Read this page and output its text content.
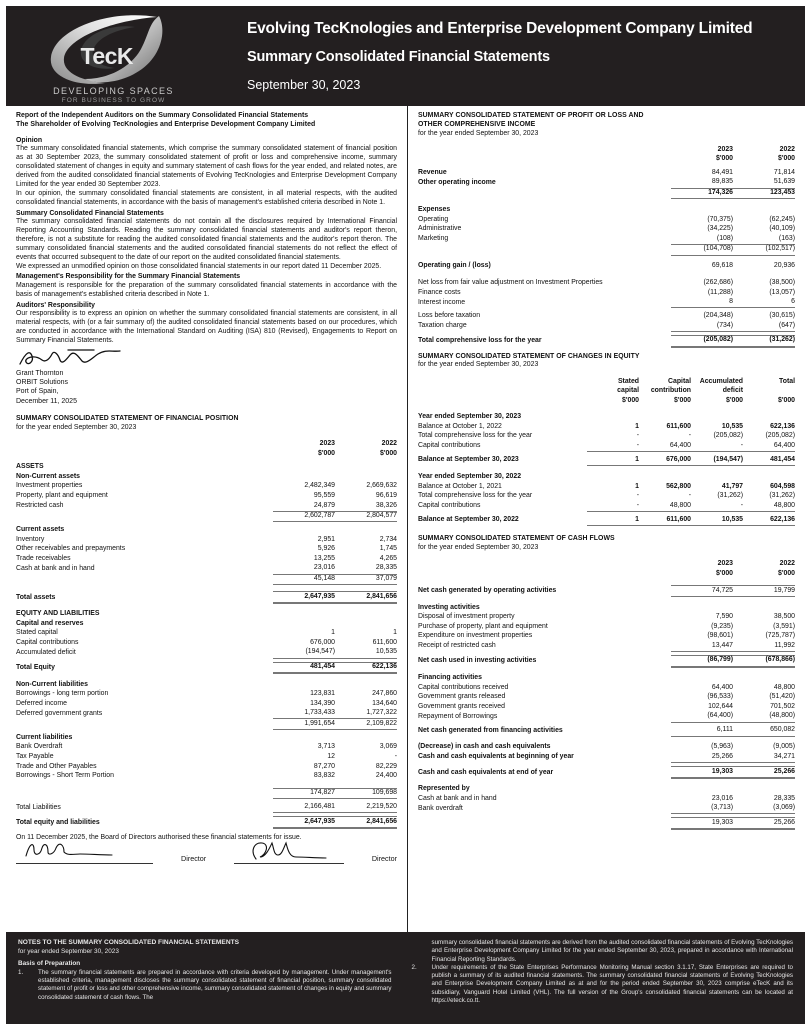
TecK
DEVELOPING SPACES
FOR BUSINESS TO GROW
Evolving TecKnologies and Enterprise Development Company Limited
Summary Consolidated Financial Statements
September 30, 2023
Report of the Independent Auditors on the Summary Consolidated Financial Statements
The Shareholder of Evolving TecKnologies and Enterprise Development Company Limited
Opinion
The summary consolidated financial statements, which comprise the summary consolidated statement of financial position as at 30 September 2023, the summary consolidated statement of profit or loss and comprehensive income, summary consolidated statement of changes in equity and summary statement of cash flows for the year ended, and related notes, are derived from the audited consolidated financial statements of Evolving TecKnologies and Enterprise Development Company Limited for the year ended 30 September 2023.
In our opinion, the summary consolidated financial statements are consistent, in all material respects, with the audited consolidated financial statements, in accordance with the basis of management's established criteria described in Note 1.
Summary Consolidated Financial Statements
The summary consolidated financial statements do not contain all the disclosures required by International Financial Reporting Accounting Standards. Reading the summary consolidated financial statements and auditor's report theron, therefore, is not a substitute for reading the audited consolidated financial statements and the auditor's report theron. The summary consolidated financial statements and the audited consolidated financial statements do not reflect the effect of events that occurred subsequent to the date of our report on the audited consolidated financial statements.
We expressed an unmodified opinion on those consolidated financial statements in our report dated 11 December 2025.
Management's Responsibility for the Summary Financial Statements
Management is responsible for the preparation of the summary consolidated financial statements in accordance with the basis of management's established criteria described in Note 1.
Auditors' Responsibility
Our responsibility is to express an opinion on whether the summary consolidated financial statements are consistent, in all material respects, with (or a fair summary of) the audited consolidated financial statements based on our procedures, which are conducted in accordance with the International Standard on Auditing (ISA) 810 (Revised), Engagements to Report on Summary Financial Statements.
Grant Thornton
ORBIT Solutions
Port of Spain,
December 11, 2025
SUMMARY CONSOLIDATED STATEMENT OF FINANCIAL POSITION
for the year ended September 30, 2023

	2023	2022
	$'000	$'000

ASSETS		
Non-Current assets		
Investment properties	2,482,349	2,669,632
Property, plant and equipment	95,559	96,619
Restricted cash	24,879	38,326
	2,602,787	2,804,577

Current assets		
Inventory	2,951	2,734
Other receivables and prepayments	5,926	1,745
Trade receivables	13,255	4,265
Cash at bank and in hand	23,016	28,335
	45,148	37,079

Total assets	2,647,935	2,841,656

EQUITY AND LIABILITIES		
Capital and reserves		
Stated capital	1	1
Capital contributions	676,000	611,600
Accumulated deficit	(194,547)	10,535

Total Equity	481,454	622,136

Non-Current liabilities		
Borrowings - long term portion	123,831	247,860
Deferred income	134,390	134,640
Deferred government grants	1,733,433	1,727,322
	1,991,654	2,109,822

Current liabilities		
Bank Overdraft	3,713	3,069
Tax Payable	12	-
Trade and Other Payables	87,270	82,229
Borrowings - Short Term Portion	83,832	24,400

	174,827	109,698

Total Liabilities	2,166,481	2,219,520

Total equity and liabilities	2,647,935	2,841,656
On 11 December 2025, the Board of Directors authorised these financial statements for issue.
Director	Director
SUMMARY CONSOLIDATED STATEMENT OF PROFIT OR LOSS AND
OTHER COMPREHENSIVE INCOME
for the year ended September 30, 2023

	2023	2022
	$'000	$'000

Revenue	84,491	71,814
Other operating income	89,835	51,639
	174,326	123,453

Expenses		
Operating	(70,375)	(62,245)
Administrative	(34,225)	(40,109)
Marketing	(108)	(163)
	(104,708)	(102,517)

Operating gain / (loss)	69,618	20,936

Net loss from fair value adjustment on Investment Properties	(262,686)	(38,500)
Finance costs	(11,288)	(13,057)
Interest income	8	6

Loss before taxation	(204,348)	(30,615)
Taxation charge	(734)	(647)

Total comprehensive loss for the year	(205,082)	(31,262)
SUMMARY CONSOLIDATED STATEMENT OF CHANGES IN EQUITY
for the year ended September 30, 2023

	Stated	Capital	Accumulated	Total
	capital	contribution	deficit	
	$'000	$'000	$'000	$'000

Year ended September 30, 2023				
Balance at October 1, 2022	1	611,600	10,535	622,136
Total comprehensive loss for the year	-	-	(205,082)	(205,082)
Capital contributions	-	64,400	-	64,400

Balance at September 30, 2023	1	676,000	(194,547)	481,454

Year ended September 30, 2022				
Balance at October 1, 2021	1	562,800	41,797	604,598
Total comprehensive loss for the year	-	-	(31,262)	(31,262)
Capital contributions	-	48,800	-	48,800

Balance at September 30, 2022	1	611,600	10,535	622,136
SUMMARY CONSOLIDATED STATEMENT OF CASH FLOWS
for the year ended September 30, 2023

	2023	2022
	$'000	$'000

Net cash generated by operating activities	74,725	19,799

Investing activities		
Disposal of investment property	7,590	38,500
Purchase of property, plant and equipment	(9,235)	(3,591)
Expenditure on investment properties	(98,601)	(725,787)
Receipt of restricted cash	13,447	11,992

Net cash used in investing activities	(86,799)	(678,866)

Financing activities		
Capital contributions received	64,400	48,800
Government grants released	(96,533)	(51,420)
Government grants received	102,644	701,502
Repayment of Borrowings	(64,400)	(48,800)

Net cash generated from financing activities	6,111	650,082

(Decrease) in cash and cash equivalents	(5,963)	(9,005)
Cash and cash equivalents at beginning of year	25,266	34,271

Cash and cash equivalents at end of year	19,303	25,266

Represented by		
Cash at bank and in hand	23,016	28,335
Bank overdraft	(3,713)	(3,069)

	19,303	25,266
NOTES TO THE SUMMARY CONSOLIDATED FINANCIAL STATEMENTS
for year ended September 30, 2023
Basis of Preparation
1.	The summary financial statements are prepared in accordance with criteria developed by management. Under management's established criteria, management discloses the summary consolidated statement of financial position, summary consolidated statement of profit or loss and other comprehensive income, summary consolidated statement of changes in equity and summary consolidated statement of cash flows. The
summary consolidated financial statements are derived from the audited consolidated financial statements of Evolving TecKnologies and Enterprise Development Company Limited for the year ended September 30, 2023, prepared in accordance with International Financial Reporting Standards.
2.	Under requirements of the State Enterprises Performance Monitoring Manual section 3.1.17, State Enterprises are required to publish a summary of its audited financial statements. The summary consolidated financial statements of Evolving TecKnologies and Enterprise Development Company Limited as at and for the period ended September 30, 2023 comprise eTecK and its subsidiary, Vanguard Hotel Limited (VHL). The full version of the Group's consolidated financial statements can be located at https://eteck.co.tt.
